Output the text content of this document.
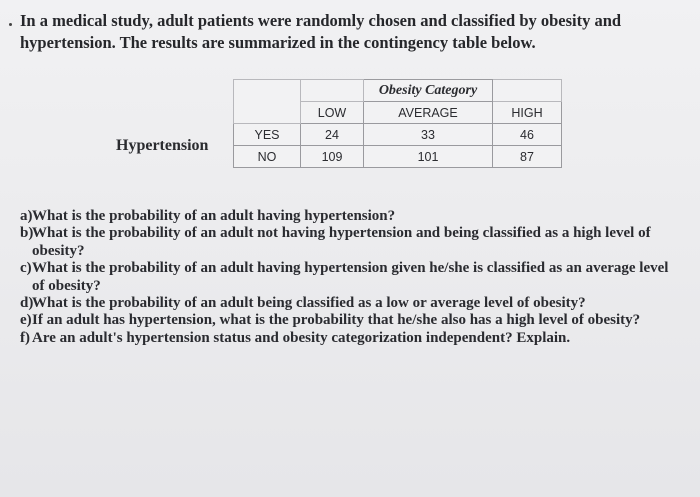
In a medical study, adult patients were randomly chosen and classified by obesity and hypertension. The results are summarized in the contingency table below.

Hypertension
		Obesity Category	
	LOW	AVERAGE	HIGH
YES	24	33	46
NO	109	101	87
a) What is the probability of an adult having hypertension?
b)
What is the probability of an adult not having hypertension and being classified as a high level of obesity?
c) What is the probability of an adult having hypertension given he/she is classified as an average level of obesity?
d)
What is the probability of an adult being classified as a low or average level of obesity?
e) If an adult has hypertension, what is the probability that he/she also has a high level of obesity?
f) Are an adult's hypertension status and obesity categorization independent? Explain.
